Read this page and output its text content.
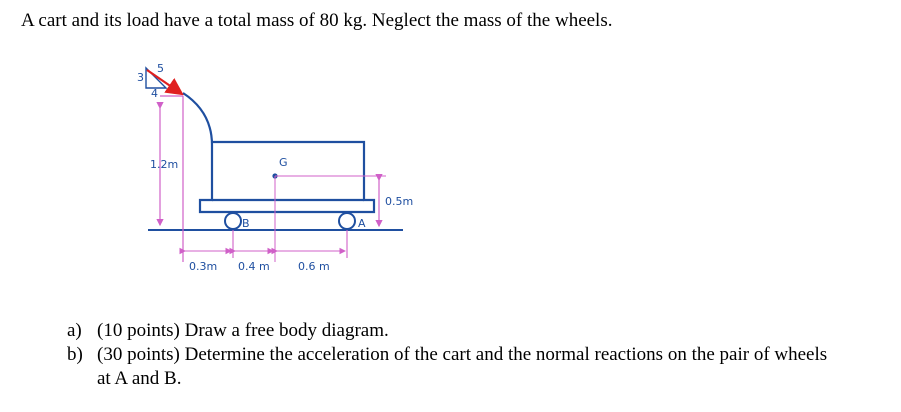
A cart and its load have a total mass of 80 kg. Neglect the mass of the wheels.
B	A
5
3
4
1.2m	G
0.5m
0.3m 0.4 m	0.6 m
a) (10 points) Draw a free body diagram.
b) (30 points) Determine the acceleration of the cart and the normal reactions on the pair of wheels
at A and B.
